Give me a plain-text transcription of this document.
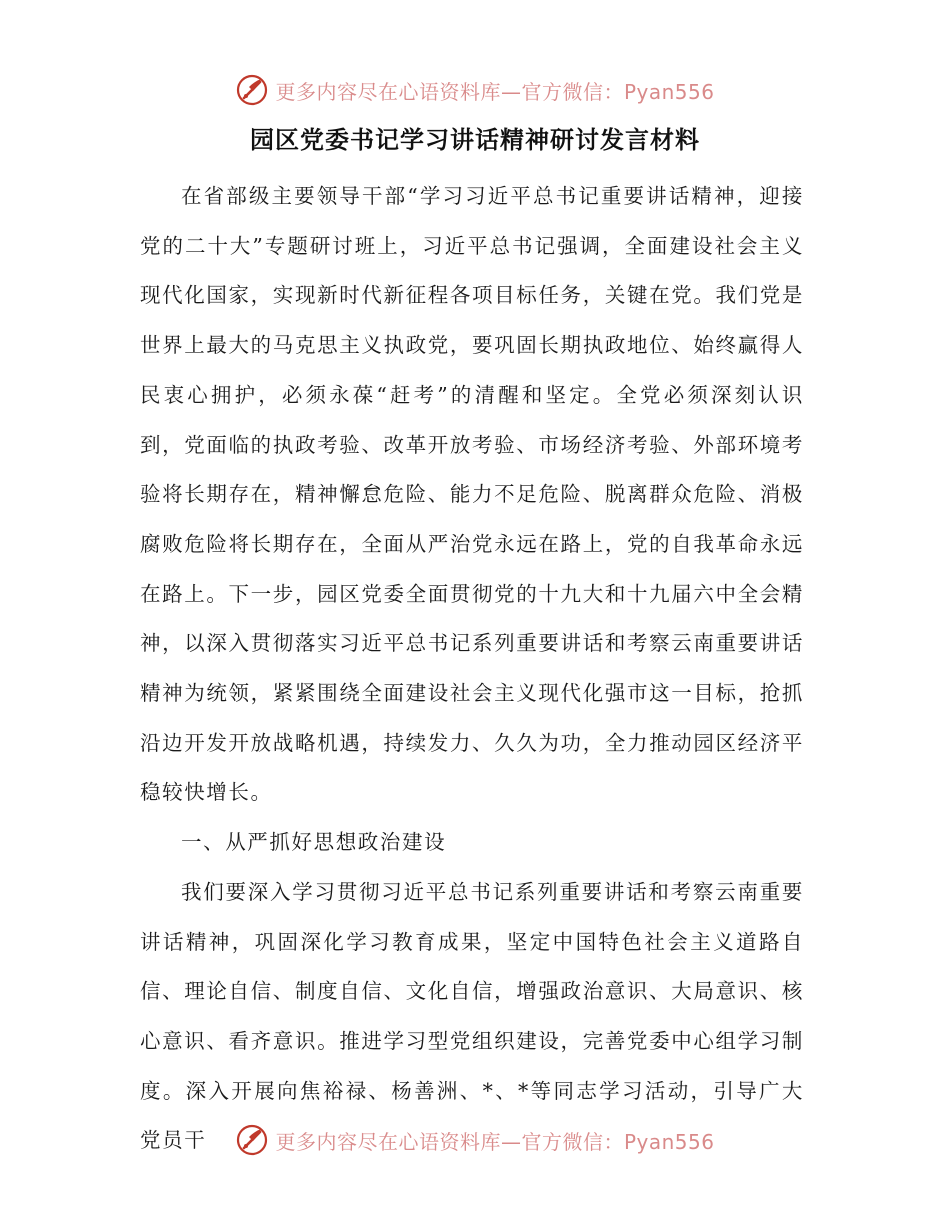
更多内容尽在心语资料库—官方微信：Pyan556
园区党委书记学习讲话精神研讨发言材料

在省部级主要领导干部“学习习近平总书记重要讲话精神，迎接党的二十大”专题研讨班上，习近平总书记强调，全面建设社会主义现代化国家，实现新时代新征程各项目标任务，关键在党。我们党是世界上最大的马克思主义执政党，要巩固长期执政地位、始终赢得人民衷心拥护，必须永葆“赶考”的清醒和坚定。全党必须深刻认识到，党面临的执政考验、改革开放考验、市场经济考验、外部环境考验将长期存在，精神懈怠危险、能力不足危险、脱离群众危险、消极腐败危险将长期存在，全面从严治党永远在路上，党的自我革命永远在路上。下一步，园区党委全面贯彻党的十九大和十九届六中全会精神，以深入贯彻落实习近平总书记系列重要讲话和考察云南重要讲话精神为统领，紧紧围绕全面建设社会主义现代化强市这一目标，抢抓沿边开发开放战略机遇，持续发力、久久为功，全力推动园区经济平稳较快增长。

一、从严抓好思想政治建设

我们要深入学习贯彻习近平总书记系列重要讲话和考察云南重要讲话精神，巩固深化学习教育成果，坚定中国特色社会主义道路自信、理论自信、制度自信、文化自信，增强政治意识、大局意识、核心意识、看齐意识。推进学习型党组织建设，完善党委中心组学习制度。深入开展向焦裕禄、杨善洲、*、*等同志学习活动，引导广大党员干	更多内容尽在心语资料库—官方微信：Pyan556
